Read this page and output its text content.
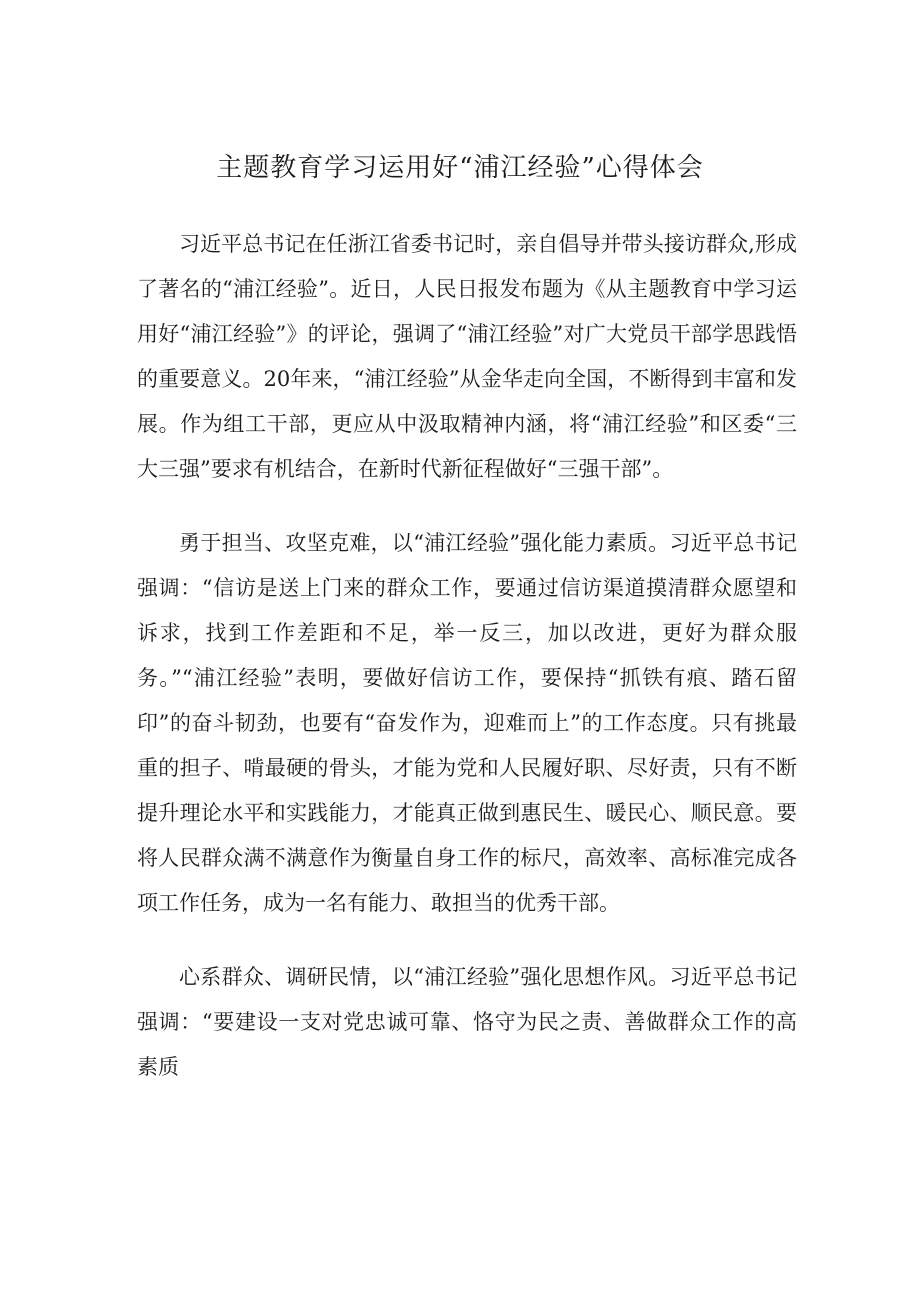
主题教育学习运用好“浦江经验”心得体会

习近平总书记在任浙江省委书记时，亲自倡导并带头接访群众,形成了著名的“浦江经验”。近日，人民日报发布题为《从主题教育中学习运用好“浦江经验”》的评论，强调了“浦江经验”对广大党员干部学思践悟的重要意义。20年来，“浦江经验”从金华走向全国，不断得到丰富和发展。作为组工干部，更应从中汲取精神内涵，将“浦江经验”和区委“三大三强”要求有机结合，在新时代新征程做好“三强干部”。

勇于担当、攻坚克难，以“浦江经验”强化能力素质。习近平总书记强调：“信访是送上门来的群众工作，要通过信访渠道摸清群众愿望和诉求，找到工作差距和不足，举一反三，加以改进，更好为群众服务。”“浦江经验”表明，要做好信访工作，要保持“抓铁有痕、踏石留印”的奋斗韧劲，也要有“奋发作为，迎难而上”的工作态度。只有挑最重的担子、啃最硬的骨头，才能为党和人民履好职、尽好责，只有不断提升理论水平和实践能力，才能真正做到惠民生、暖民心、顺民意。要将人民群众满不满意作为衡量自身工作的标尺，高效率、高标准完成各项工作任务，成为一名有能力、敢担当的优秀干部。

心系群众、调研民情，以“浦江经验”强化思想作风。习近平总书记强调：“要建设一支对党忠诚可靠、恪守为民之责、善做群众工作的高素质
